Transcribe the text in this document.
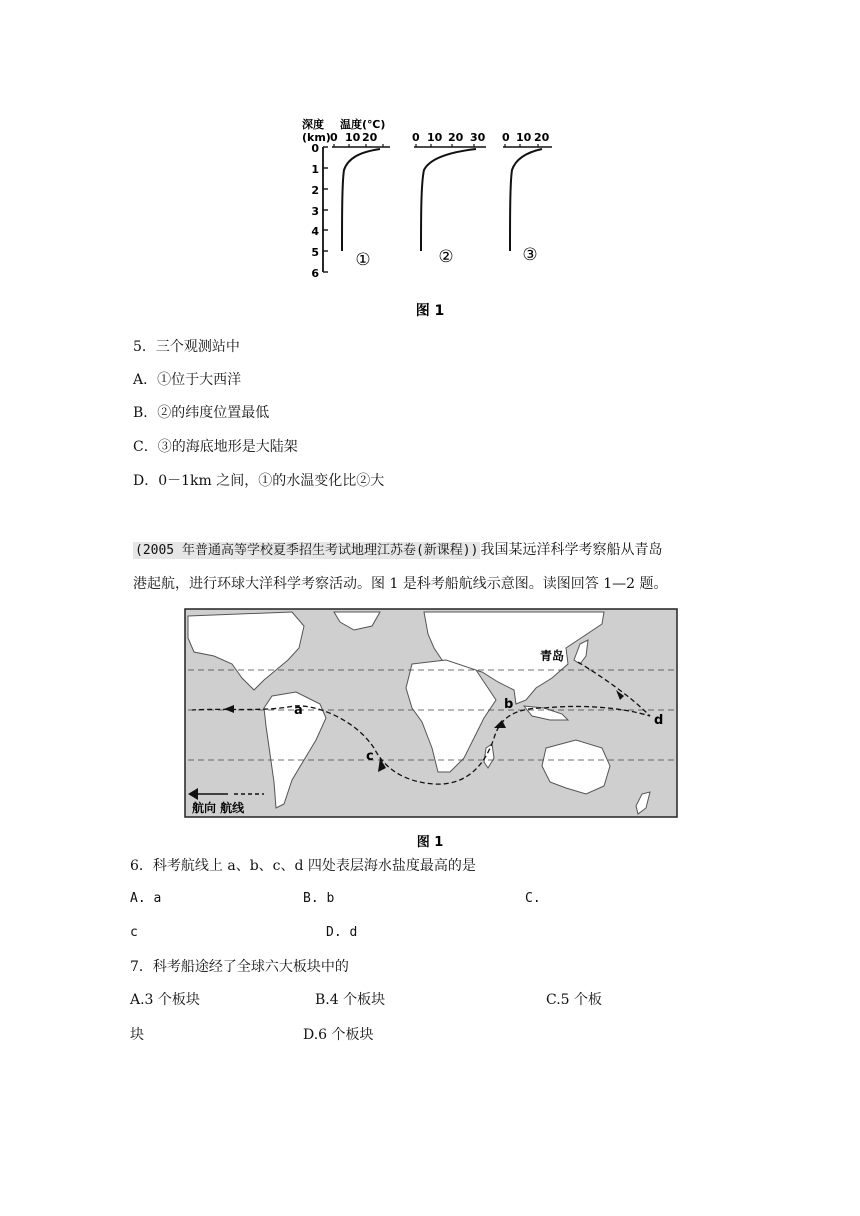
深度 温度(℃)
(km) 0 10 20	0 10 20 30 0 10 20
0
1
2
3
4
5
6
①	②	③
图 1
5．三个观测站中
A．①位于大西洋
B．②的纬度位置最低
C．③的海底地形是大陆架
D．0－1km 之间，①的水温变化比②大
(2005 年普通高等学校夏季招生考试地理江苏卷(新课程)) 我国某远洋科学考察船从青岛
港起航，进行环球大洋科学考察活动。图 1 是科考船航线示意图。读图回答 1—2 题。
a	b
c
d
青岛
航向 航线
图 1
6．科考航线上 a、b、c、d 四处表层海水盐度最高的是
A. a	B. b	C.
c	D. d
7．科考船途经了全球六大板块中的
A.3 个板块	B.4 个板块	C.5 个板
块	D.6 个板块
